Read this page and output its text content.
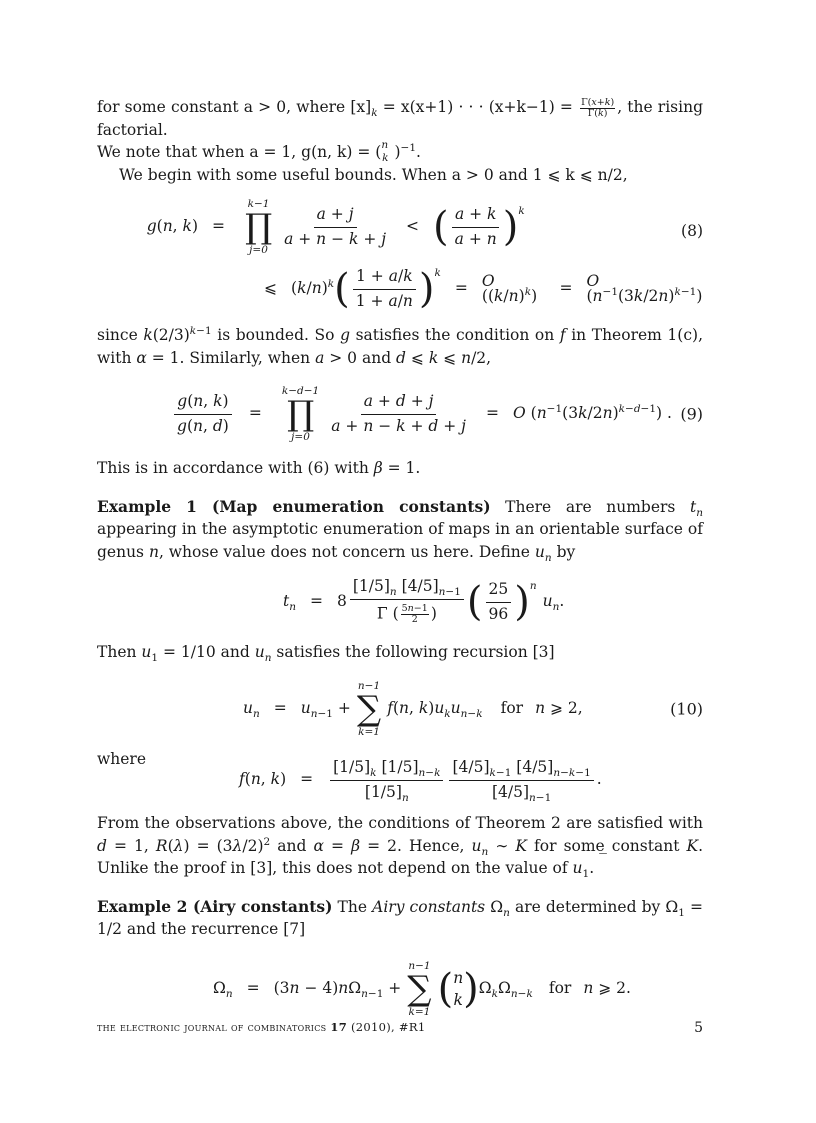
for some constant a > 0, where $[x]_k = x(x+1)$ · · · $(x+k-1) = \frac{\Gamma(x+k)}{\Gamma(k)}$ , the rising factorial.
We note that when a = 1, g(n, k) = ($^n_k$ )$^{-1}$.

We begin with some useful bounds. When a > 0 and 1 ⩽ k ⩽ n/2,

g(n, k) =
k−1
∏
j=0
$\frac{a + j}{a + n - k + j}$ < ( $\frac{a + k}{a + n}$ ) $^k$
⩽ $(k/n)^k$ ( $\frac{1 + a/k}{1 + a/n}$ ) $^k$
= O $((k/n)^k)$	= O $(n^{-1}(3k/2n)^{k-1})$
(8)

since $k(2/3)^{k-1}$ is bounded. So g satisfies the condition on f in Theorem 1(c), with α = 1. Similarly, when a > 0 and d ⩽ k ⩽ n/2,

$\frac{g(n, k)}{g(n, d)}$ =
k−d−1
∏
j=0
$\frac{a + d + j}{a + n - k + d + j} = O$ $(n^{-1}(3k/2n)^{k-d-1})$ . (9)

This is in accordance with (6) with β = 1.

Example 1 (Map enumeration constants) There are numbers $t_n$ appearing in the asymptotic enumeration of maps in an orientable surface of genus n, whose value does not concern us here. Define $u_n$ by

$t_n = 8 \frac{[1/5]_n [4/5]_{n-1}}{\Gamma ( \frac{5n-1}{2} )}$ ( $\frac{25}{96}$ ) $^n$
$u_n$.

Then $u_1 = 1/10$ and $u_n$ satisfies the following recursion [3]

$u_n = u_{n-1}$ +
n−1
∑
k=1
f(n, $k)u_ku_{n-k}$ for n ⩾ 2,	(10)

where

f(n, $k) = \frac{[1/5]_k [1/5]_{n-k}}{[1/5]_n} \frac{[4/5]_{k-1} [4/5]_{n-k-1}}{[4/5]_{n-1}}$ .

From the observations above, the conditions of Theorem 2 are satisfied with d = 1, $R(\lambda) = (3\lambda/2)^2$ and α = β = 2. Hence, $u_n$ ∼ K for some constant K. Unlike the proof in [3], this does not depend on the value of $u_1$. ‾

Example 2 (Airy constants) The Airy constants $\Omega_n$ are determined by $\Omega_1 = 1/2$ and the recurrence [7]

$\Omega_n = (3n - 4)n\Omega_{n-1}$ +
n−1
∑
k=1 ( n
k ) $\Omega_k\Omega_{n-k}$ for n ⩾ 2.
the electronic journal of combinatorics 17 (2010), #R1	5
